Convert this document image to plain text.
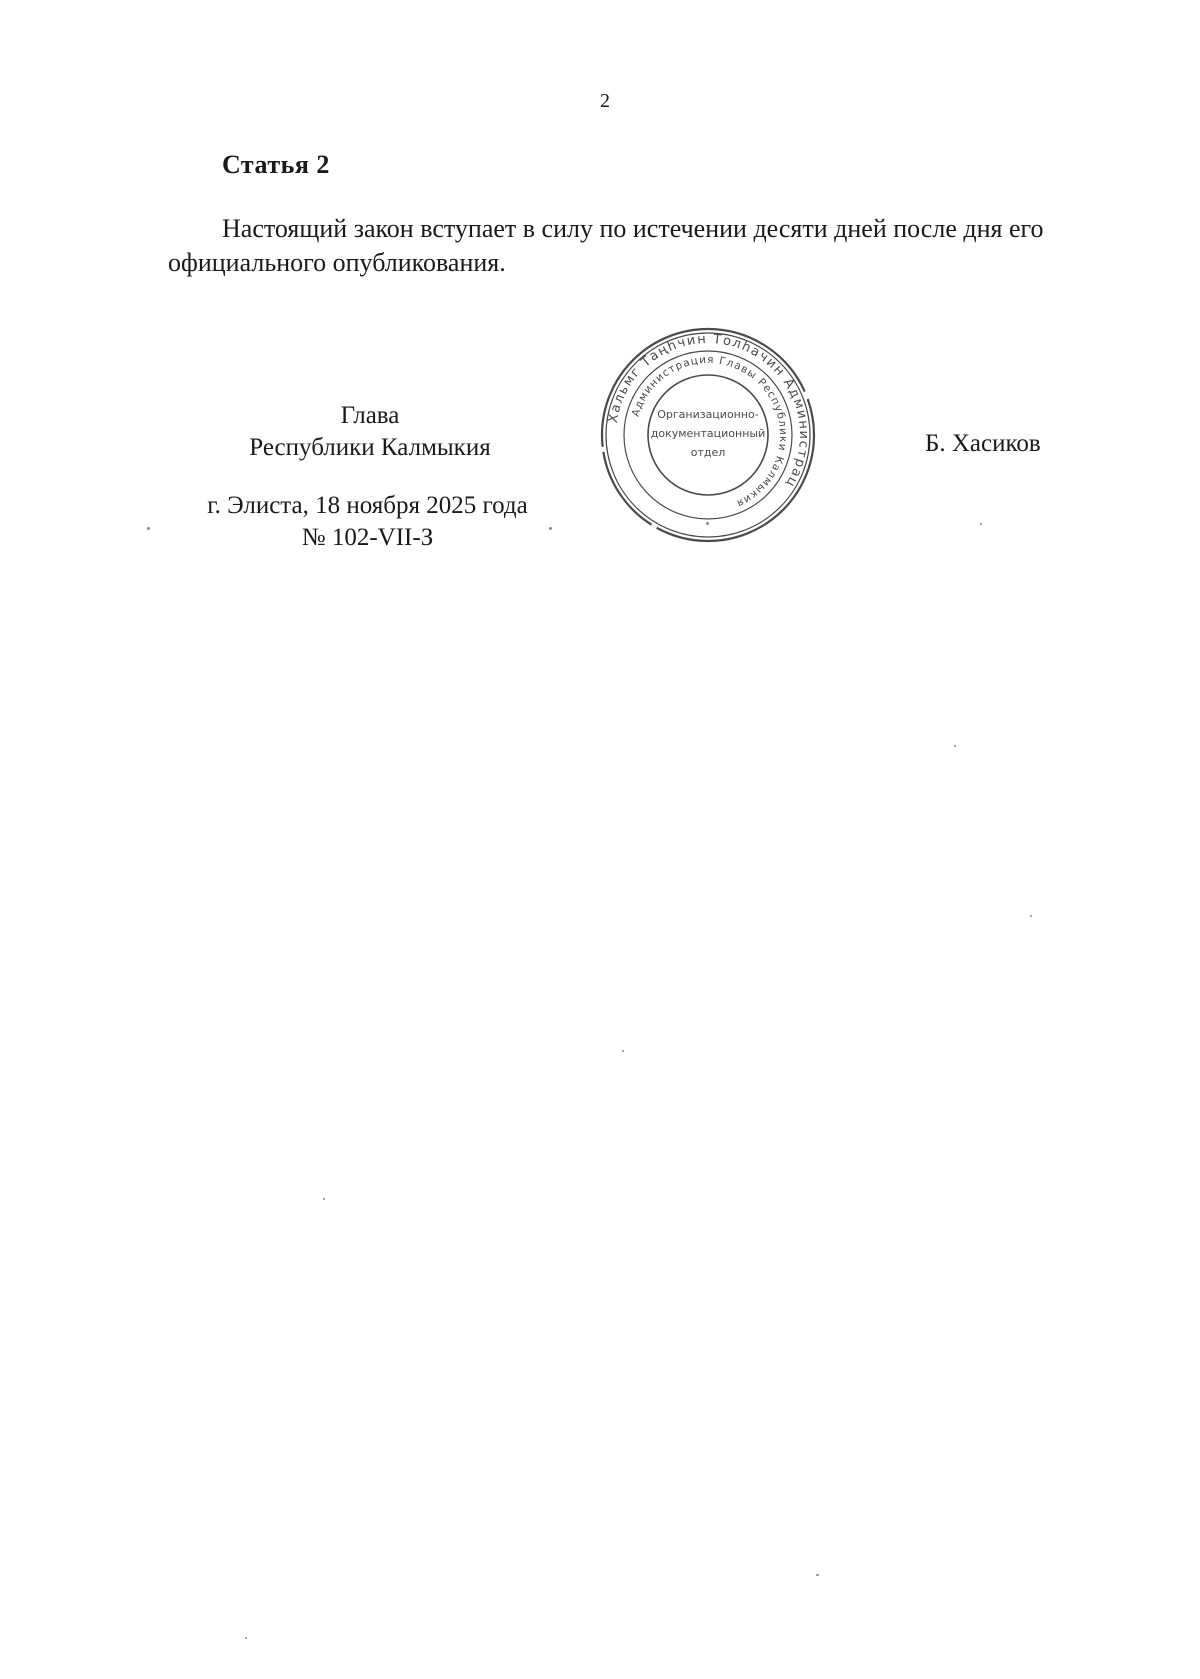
2
Статья 2

Настоящий закон вступает в силу по истечении десяти дней после дня его официального опубликования.

Глава
Республики Калмыкия	Б. Хасиков
г. Элиста, 18 ноября 2025 года
№ 102-VII-З
Хальмг Таңһчин Толһачин Администрац
Администрация Главы Республики Калмыкия
Организационно-
документационный
отдел
